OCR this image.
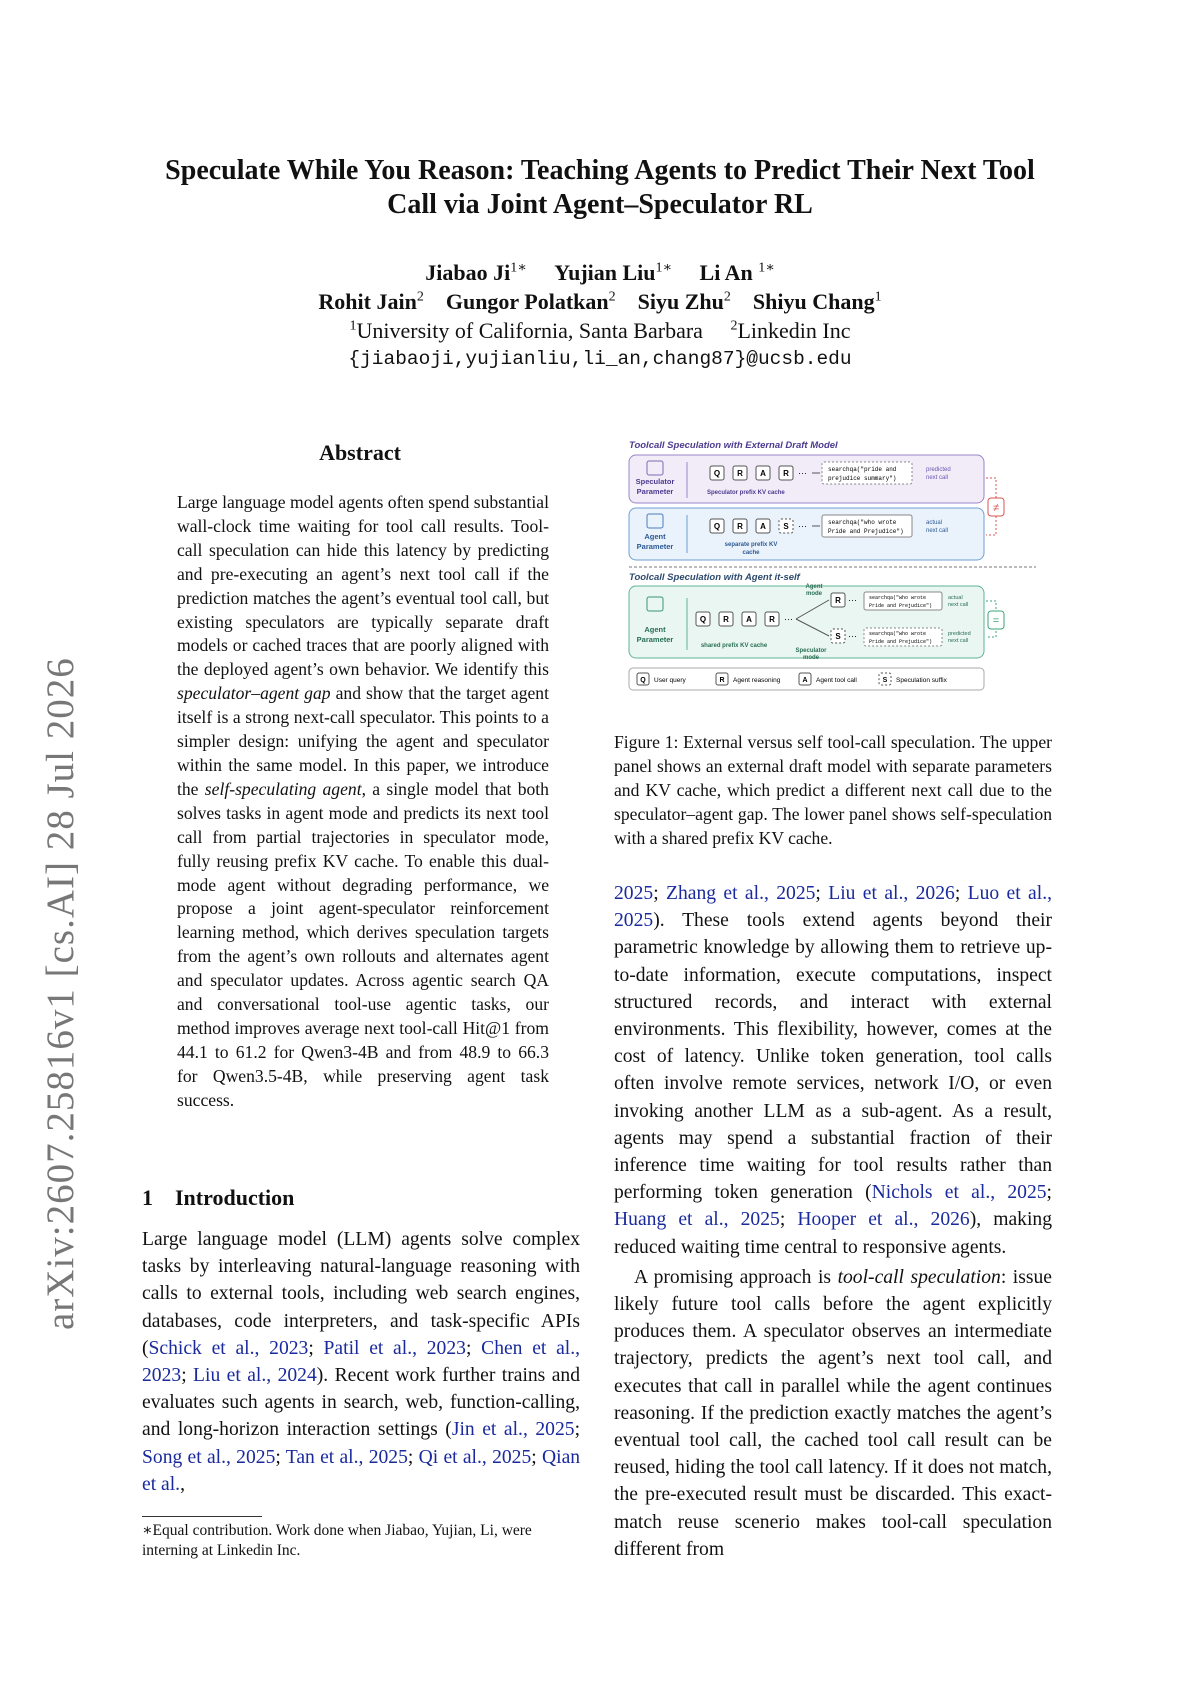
arXiv:2607.25816v1 [cs.AI] 28 Jul 2026
Speculate While You Reason: Teaching Agents to Predict Their Next Tool
Call via Joint Agent–Speculator RL
Jiabao $Ji^{1∗}$ Yujian Liu$^{1∗}$ Li An $^{1∗}$
Rohit Jain$^2$ Gungor Polatkan$^2$ Siyu Zhu$^2$ Shiyu Chang$^1$
$^1$University of California, Santa Barbara $^2$Linkedin Inc
{jiabaoji,yujianliu,li_an,chang87}@ucsb.edu
Abstract
Large language model agents often spend substantial wall-clock time waiting for tool call results. Tool-call speculation can hide this latency by predicting and pre-executing an agent’s next tool call if the prediction matches the agent’s eventual tool call, but existing speculators are typically separate draft models or cached traces that are poorly aligned with the deployed agent’s own behavior. We identify this speculator–agent gap and show that the target agent itself is a strong next-call speculator. This points to a simpler design: unifying the agent and speculator within the same model. In this paper, we introduce the self-speculating agent, a single model that both solves tasks in agent mode and predicts its next tool call from partial trajectories in speculator mode, fully reusing prefix KV cache. To enable this dual-mode agent without degrading performance, we propose a joint agent-speculator reinforcement learning method, which derives speculation targets from the agent’s own rollouts and alternates agent and speculator updates. Across agentic search QA and conversational tool-use agentic tasks, our method improves average next tool-call Hit@1 from 44.1 to 61.2 for Qwen3-4B and from 48.9 to 66.3 for Qwen3.5-4B, while preserving agent task success.
1 Introduction

Large language model (LLM) agents solve complex tasks by interleaving natural-language reasoning with calls to external tools, including web search engines, databases, code interpreters, and task-specific APIs (Schick et al., 2023; Patil et al., 2023; Chen et al., 2023; Liu et al., 2024). Recent work further trains and evaluates such agents in search, web, function-calling, and long-horizon interaction settings (Jin et al., 2025; Song et al., 2025; Tan et al., 2025; Qi et al., 2025; Qian et al.,

∗Equal contribution. Work done when Jiabao, Yujian, Li, were interning at Linkedin Inc.
Toolcall Speculation with External Draft Model
Speculator
Parameter
Q R A R ···
Speculator prefix KV cache
searchqa("pride and
prejudice summary")
predicted
next call
Agent
Parameter
Q R A S ···
separate prefix KV
cache
searchqa("who wrote
Pride and Prejudice")
actual
next call
≠
Toolcall Speculation with Agent it-self
Agent
Parameter
Q R A R ···
shared prefix KV cache
Agent
mode
Speculator
mode
R
S
···
···
searchqa("who wrote
Pride and Prejudice")
searchqa("who wrote
Pride and Prejudice")
actual
next call
predicted
next call
=
Q	R	A	S
User query	Agent reasoning	Agent tool call	Speculation suffix
Figure 1: External versus self tool-call speculation. The upper panel shows an external draft model with separate parameters and KV cache, which predict a different next call due to the speculator–agent gap. The lower panel shows self-speculation with a shared prefix KV cache.

2025; Zhang et al., 2025; Liu et al., 2026; Luo et al., 2025). These tools extend agents beyond their parametric knowledge by allowing them to retrieve up-to-date information, execute computations, inspect structured records, and interact with external environments. This flexibility, however, comes at the cost of latency. Unlike token generation, tool calls often involve remote services, network I/O, or even invoking another LLM as a sub-agent. As a result, agents may spend a substantial fraction of their inference time waiting for tool results rather than performing token generation (Nichols et al., 2025; Huang et al., 2025; Hooper et al., 2026), making reduced waiting time central to responsive agents.

A promising approach is tool-call speculation: issue likely future tool calls before the agent explicitly produces them. A speculator observes an intermediate trajectory, predicts the agent’s next tool call, and executes that call in parallel while the agent continues reasoning. If the prediction exactly matches the agent’s eventual tool call, the cached tool call result can be reused, hiding the tool call latency. If it does not match, the pre-executed result must be discarded. This exact-match reuse scenerio makes tool-call speculation different from
